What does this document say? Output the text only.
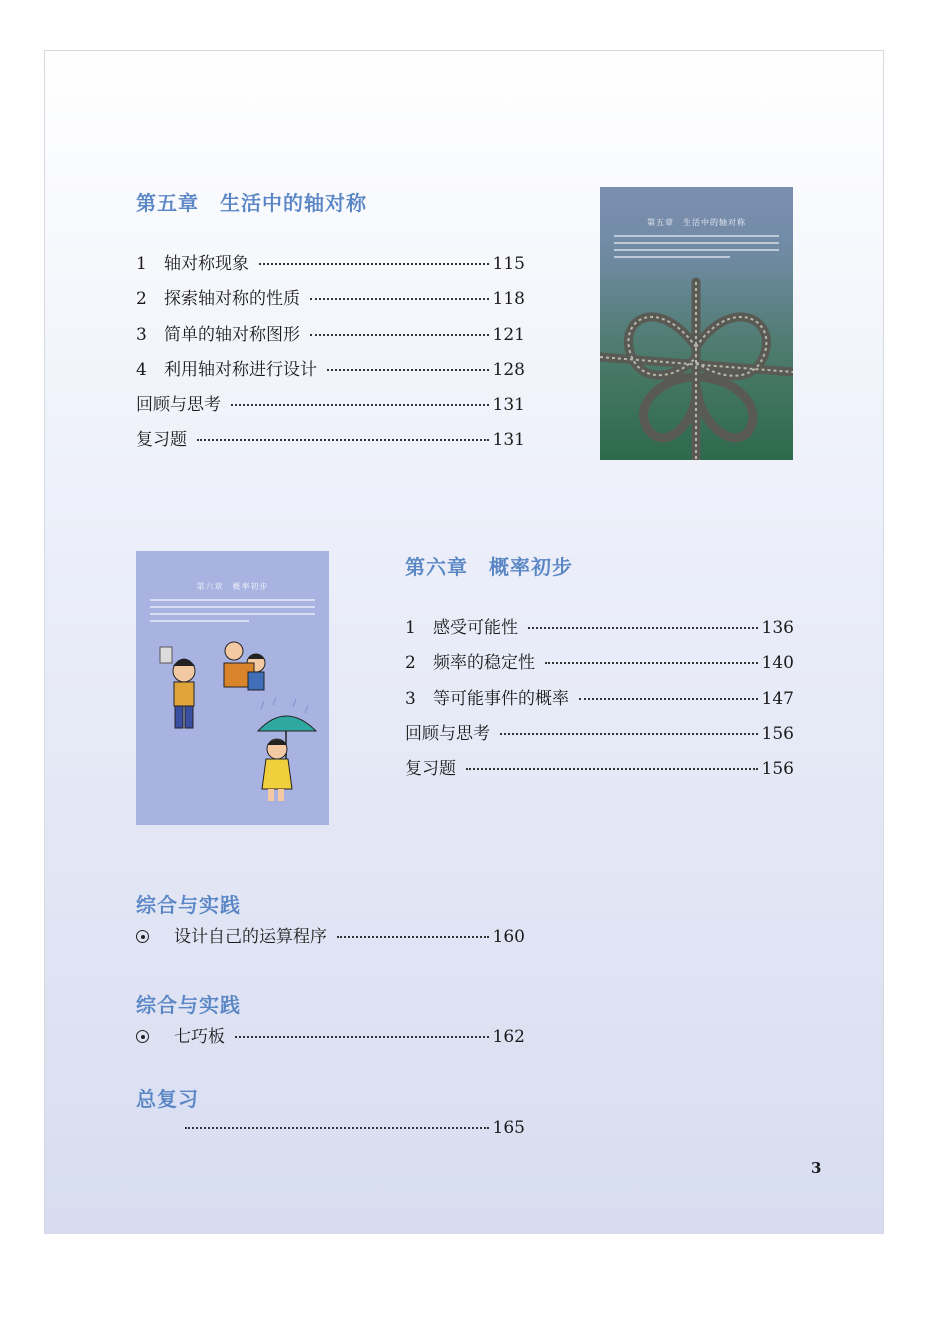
第五章　生活中的轴对称
1	轴对称现象	115
2	探索轴对称的性质	118
3	简单的轴对称图形	121
4	利用轴对称进行设计	128
回顾与思考	131
复习题	131
第五章　生活中的轴对称
第六章　概率初步
第六章　概率初步
1	感受可能性	136
2	频率的稳定性	140
3	等可能事件的概率	147
回顾与思考	156
复习题	156
综合与实践
设计自己的运算程序	160
综合与实践
七巧板	162
总复习
165
3
